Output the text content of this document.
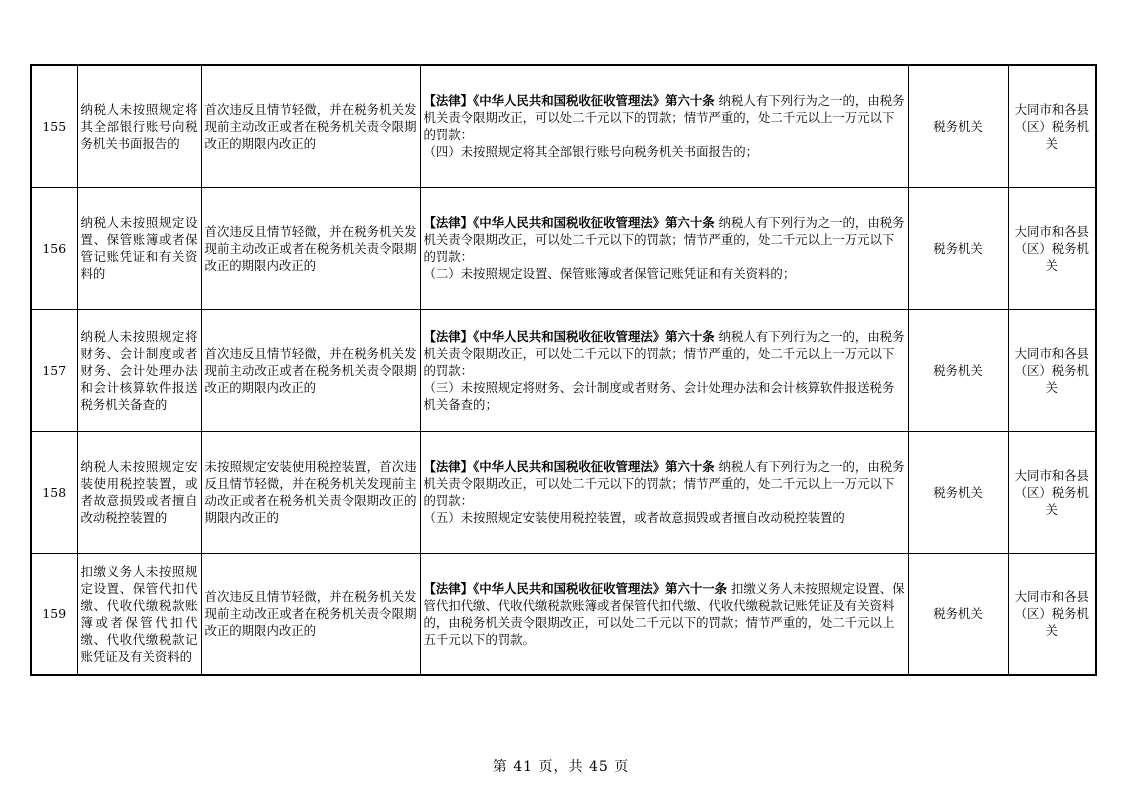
155	纳税人未按照规定将其全部银行账号向税务机关书面报告的	首次违反且情节轻微，并在税务机关发现前主动改正或者在税务机关责令限期改正的期限内改正的	【法律】《中华人民共和国税收征收管理法》第六十条 纳税人有下列行为之一的，由税务机关责令限期改正，可以处二千元以下的罚款；情节严重的，处二千元以上一万元以下的罚款：
（四）未按照规定将其全部银行账号向税务机关书面报告的；	税务机关	大同市和各县（区）税务机关
156	纳税人未按照规定设置、保管账簿或者保管记账凭证和有关资料的	首次违反且情节轻微，并在税务机关发现前主动改正或者在税务机关责令限期改正的期限内改正的	【法律】《中华人民共和国税收征收管理法》第六十条 纳税人有下列行为之一的，由税务机关责令限期改正，可以处二千元以下的罚款；情节严重的，处二千元以上一万元以下的罚款：
（二）未按照规定设置、保管账簿或者保管记账凭证和有关资料的；	税务机关	大同市和各县（区）税务机关
157	纳税人未按照规定将财务、会计制度或者财务、会计处理办法和会计核算软件报送税务机关备查的	首次违反且情节轻微，并在税务机关发现前主动改正或者在税务机关责令限期改正的期限内改正的	【法律】《中华人民共和国税收征收管理法》第六十条 纳税人有下列行为之一的，由税务机关责令限期改正，可以处二千元以下的罚款；情节严重的，处二千元以上一万元以下的罚款：
（三）未按照规定将财务、会计制度或者财务、会计处理办法和会计核算软件报送税务机关备查的；	税务机关	大同市和各县（区）税务机关
158	纳税人未按照规定安装使用税控装置，或者故意损毁或者擅自改动税控装置的	未按照规定安装使用税控装置，首次违反且情节轻微，并在税务机关发现前主动改正或者在税务机关责令限期改正的期限内改正的	【法律】《中华人民共和国税收征收管理法》第六十条 纳税人有下列行为之一的，由税务机关责令限期改正，可以处二千元以下的罚款；情节严重的，处二千元以上一万元以下的罚款：
（五）未按照规定安装使用税控装置，或者故意损毁或者擅自改动税控装置的	税务机关	大同市和各县（区）税务机关
159	扣缴义务人未按照规定设置、保管代扣代缴、代收代缴税款账簿或者保管代扣代缴、代收代缴税款记账凭证及有关资料的	首次违反且情节轻微，并在税务机关发现前主动改正或者在税务机关责令限期改正的期限内改正的	【法律】《中华人民共和国税收征收管理法》第六十一条 扣缴义务人未按照规定设置、保管代扣代缴、代收代缴税款账簿或者保管代扣代缴、代收代缴税款记账凭证及有关资料的，由税务机关责令限期改正，可以处二千元以下的罚款；情节严重的，处二千元以上五千元以下的罚款。	税务机关	大同市和各县（区）税务机关
第 41 页，共 45 页
